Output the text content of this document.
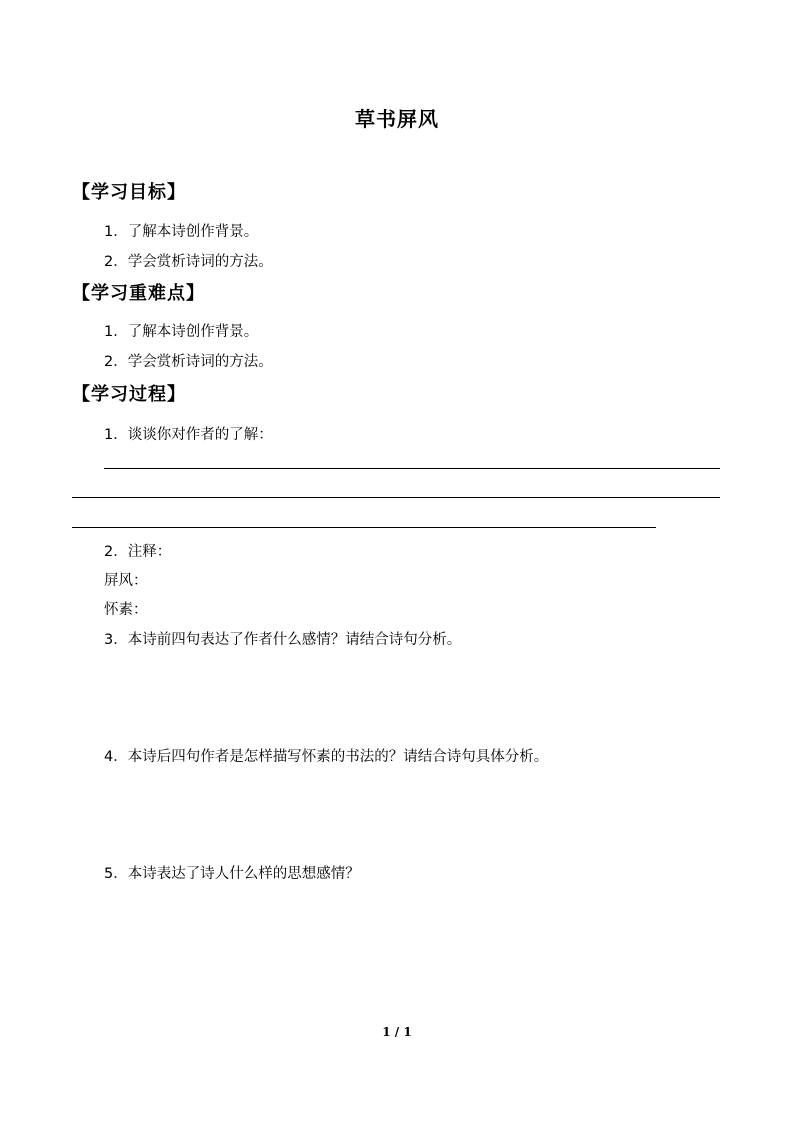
草书屏风
【学习目标】
1．了解本诗创作背景。
2．学会赏析诗词的方法。
【学习重难点】
1．了解本诗创作背景。
2．学会赏析诗词的方法。
【学习过程】
1．谈谈你对作者的了解：
2．注释：
屏风：
怀素：
3．本诗前四句表达了作者什么感情？请结合诗句分析。
4．本诗后四句作者是怎样描写怀素的书法的？请结合诗句具体分析。
5．本诗表达了诗人什么样的思想感情？
1 / 1
